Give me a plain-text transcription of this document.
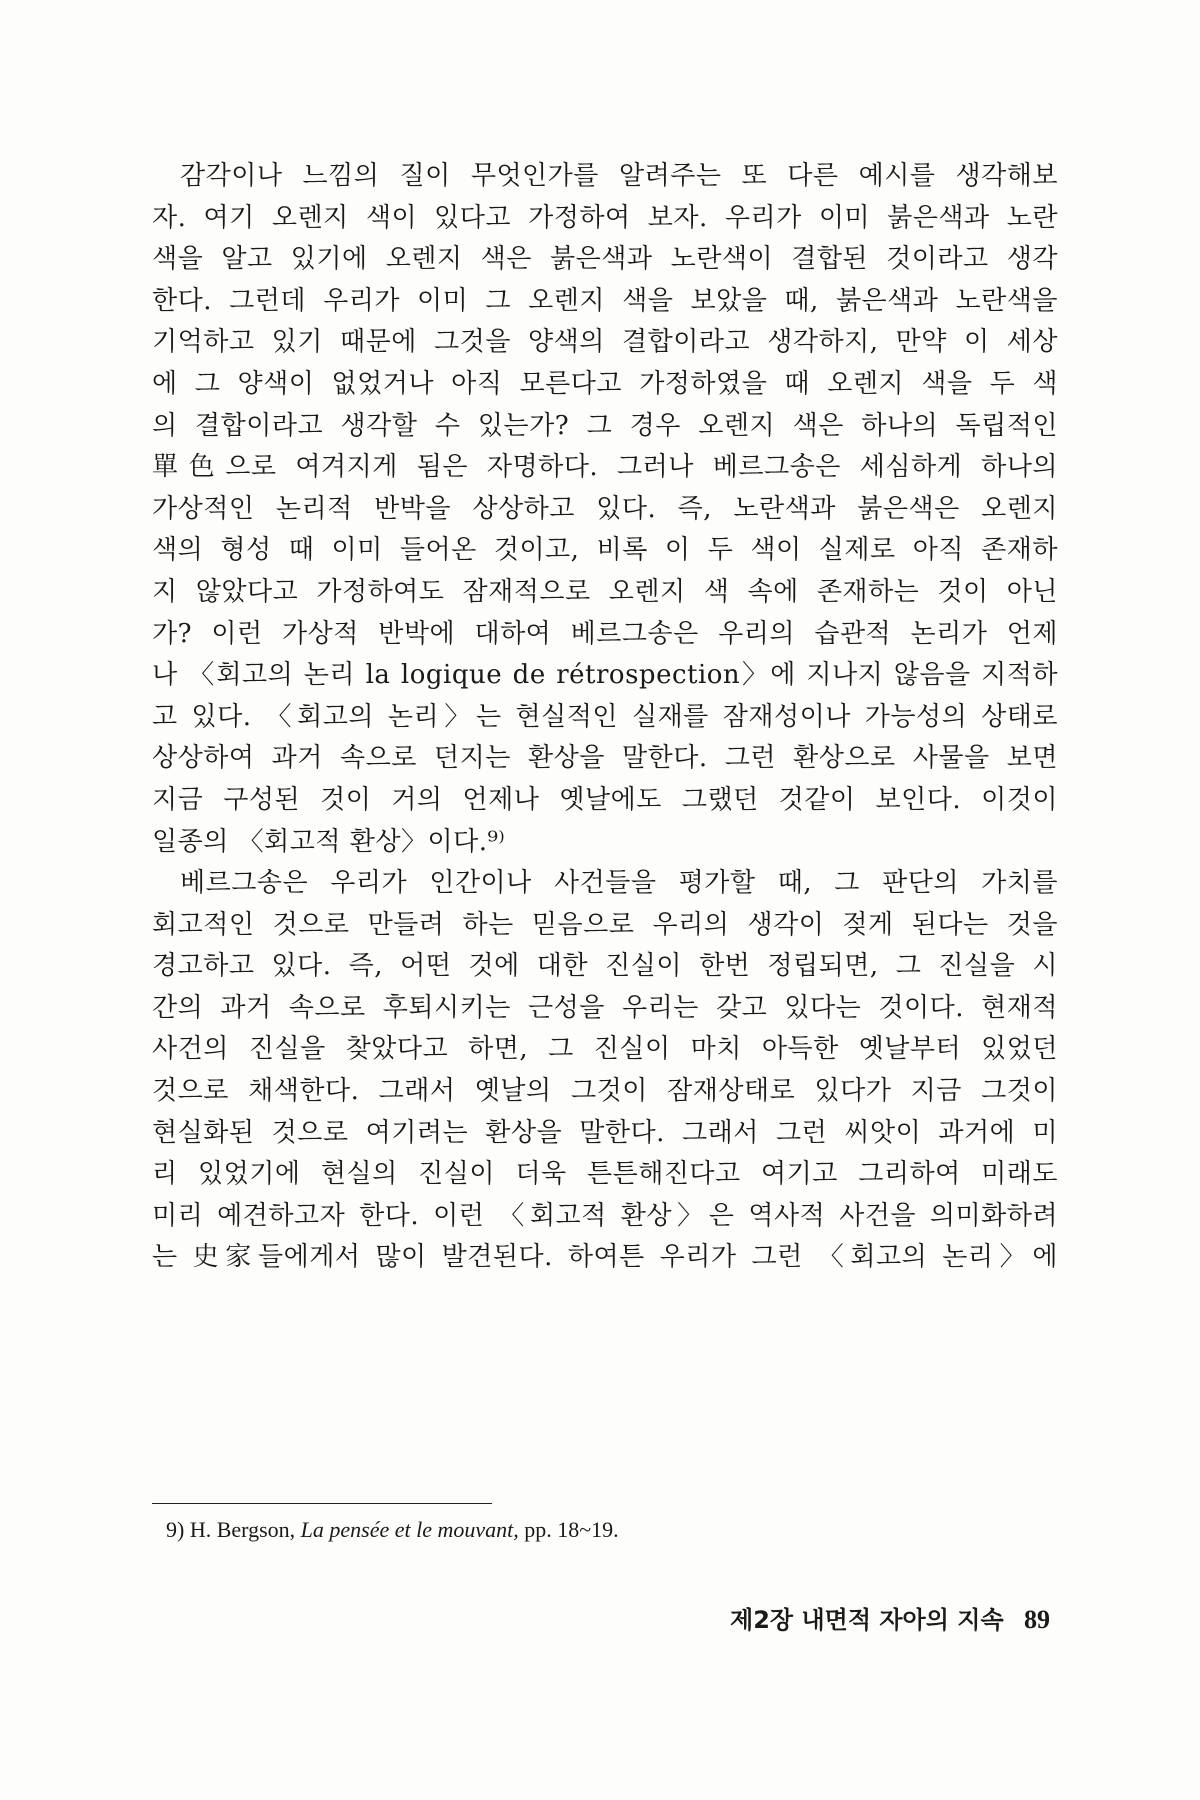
감각이나 느낌의 질이 무엇인가를 알려주는 또 다른 예시를 생각해보
자. 여기 오렌지 색이 있다고 가정하여 보자. 우리가 이미 붉은색과 노란
색을 알고 있기에 오렌지 색은 붉은색과 노란색이 결합된 것이라고 생각
한다. 그런데 우리가 이미 그 오렌지 색을 보았을 때, 붉은색과 노란색을
기억하고 있기 때문에 그것을 양색의 결합이라고 생각하지, 만약 이 세상
에 그 양색이 없었거나 아직 모른다고 가정하였을 때 오렌지 색을 두 색
의 결합이라고 생각할 수 있는가? 그 경우 오렌지 색은 하나의 독립적인
單色으로 여겨지게 됨은 자명하다. 그러나 베르그송은 세심하게 하나의
가상적인 논리적 반박을 상상하고 있다. 즉, 노란색과 붉은색은 오렌지
색의 형성 때 이미 들어온 것이고, 비록 이 두 색이 실제로 아직 존재하
지 않았다고 가정하여도 잠재적으로 오렌지 색 속에 존재하는 것이 아닌
가? 이런 가상적 반박에 대하여 베르그송은 우리의 습관적 논리가 언제
나 〈회고의 논리 la logique de rétrospection〉에 지나지 않음을 지적하
고 있다. 〈회고의 논리〉는 현실적인 실재를 잠재성이나 가능성의 상태로
상상하여 과거 속으로 던지는 환상을 말한다. 그런 환상으로 사물을 보면
지금 구성된 것이 거의 언제나 옛날에도 그랬던 것같이 보인다. 이것이
일종의 〈회고적 환상〉이다.⁹⁾
베르그송은 우리가 인간이나 사건들을 평가할 때, 그 판단의 가치를
회고적인 것으로 만들려 하는 믿음으로 우리의 생각이 젖게 된다는 것을
경고하고 있다. 즉, 어떤 것에 대한 진실이 한번 정립되면, 그 진실을 시
간의 과거 속으로 후퇴시키는 근성을 우리는 갖고 있다는 것이다. 현재적
사건의 진실을 찾았다고 하면, 그 진실이 마치 아득한 옛날부터 있었던
것으로 채색한다. 그래서 옛날의 그것이 잠재상태로 있다가 지금 그것이
현실화된 것으로 여기려는 환상을 말한다. 그래서 그런 씨앗이 과거에 미
리 있었기에 현실의 진실이 더욱 튼튼해진다고 여기고 그리하여 미래도
미리 예견하고자 한다. 이런 〈회고적 환상〉은 역사적 사건을 의미화하려
는 史家들에게서 많이 발견된다. 하여튼 우리가 그런 〈회고의 논리〉에
9) H. Bergson, La pensée et le mouvant, pp. 18~19.
제2장 내면적 자아의 지속 89
